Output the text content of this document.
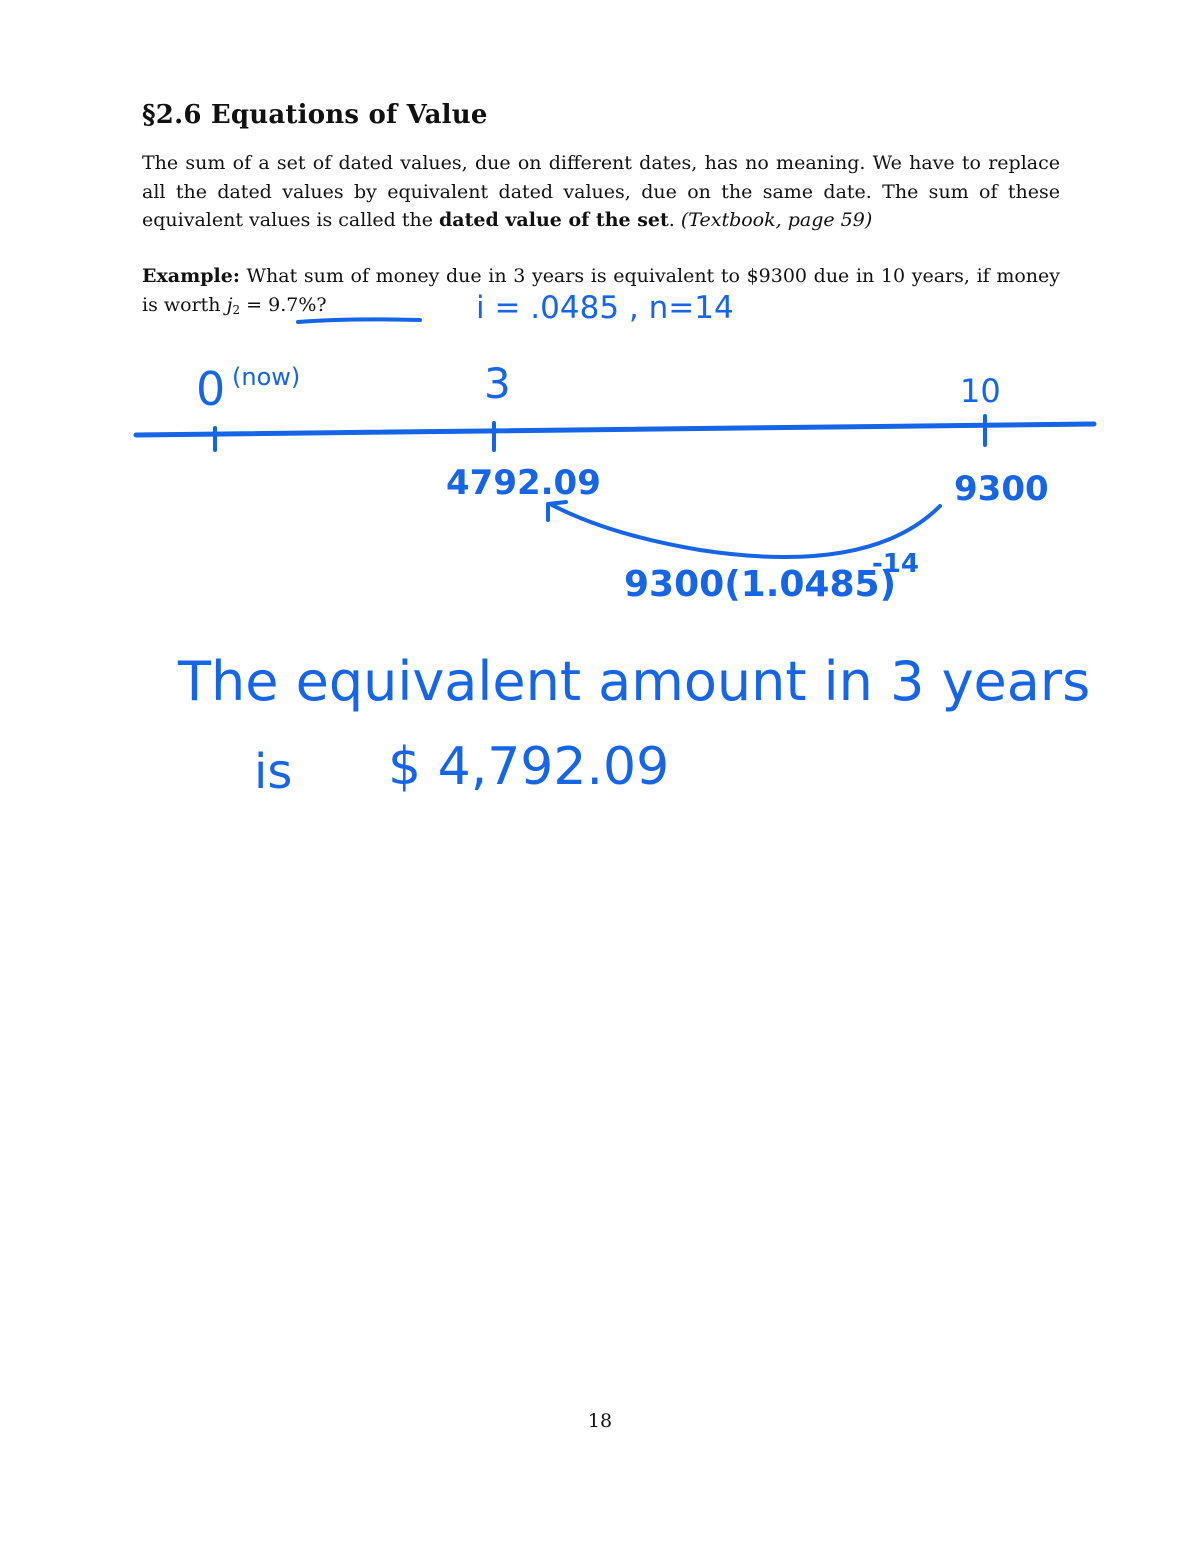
§2.6 Equations of Value

The sum of a set of dated values, due on different dates, has no meaning. We have to replace all the dated values by equivalent dated values, due on the same date. The sum of these equivalent values is called the dated value of the set. (Textbook, page 59)

Example: What sum of money due in 3 years is equivalent to $9300 due in 10 years, if money is worth $j_2 = 9.7\%$?	i = .0485 , n=14
0 (now)	3	10
4792.09	9300
9300(1.0485)
-14
The equivalent amount in 3 years
is $ 4,792.09
18
